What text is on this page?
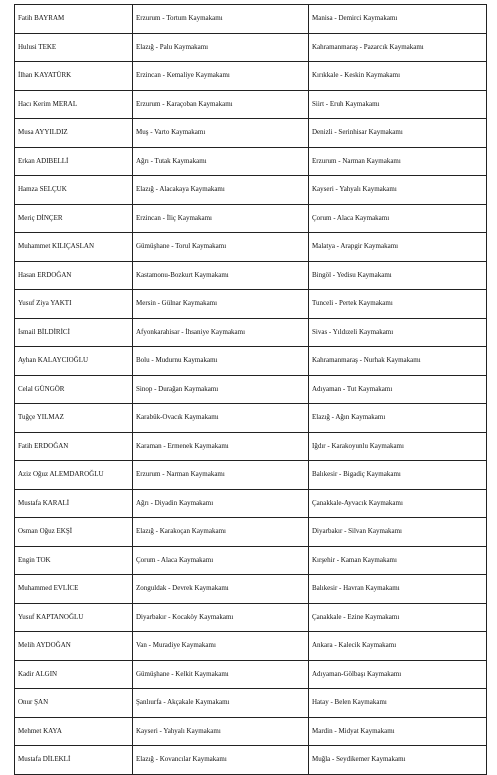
Fatih BAYRAM	Erzurum - Tortum Kaymakamı	Manisa - Demirci Kaymakamı
Hulusi TEKE	Elazığ - Palu Kaymakamı	Kahramanmaraş - Pazarcık Kaymakamı
İlhan KAYATÜRK	Erzincan - Kemaliye Kaymakamı	Kırıkkale - Keskin Kaymakamı
Hacı Kerim MERAL	Erzurum - Karaçoban Kaymakamı	Siirt - Eruh Kaymakamı
Musa AYYILDIZ	Muş - Varto Kaymakamı	Denizli - Serinhisar Kaymakamı
Erkan ADIBELLİ	Ağrı - Tutak Kaymakamı	Erzurum - Narman Kaymakamı
Hamza SELÇUK	Elazığ - Alacakaya Kaymakamı	Kayseri - Yahyalı Kaymakamı
Meriç DİNÇER	Erzincan - İliç Kaymakamı	Çorum - Alaca Kaymakamı
Muhammet KILIÇASLAN	Gümüşhane - Torul Kaymakamı	Malatya - Arapgir Kaymakamı
Hasan ERDOĞAN	Kastamonu-Bozkurt Kaymakamı	Bingöl - Yedisu Kaymakamı
Yusuf Ziya YAKTI	Mersin - Gülnar Kaymakamı	Tunceli - Pertek Kaymakamı
İsmail BİLDİRİCİ	Afyonkarahisar - İhsaniye Kaymakamı	Sivas - Yıldızeli Kaymakamı
Ayhan KALAYCIOĞLU	Bolu - Mudurnu Kaymakamı	Kahramanmaraş - Nurhak Kaymakamı
Celal GÜNGÖR	Sinop - Durağan Kaymakamı	Adıyaman - Tut Kaymakamı
Tuğçe YILMAZ	Karabük-Ovacık Kaymakamı	Elazığ - Ağın Kaymakamı
Fatih ERDOĞAN	Karaman - Ermenek Kaymakamı	Iğdır - Karakoyunlu Kaymakamı
Aziz Oğuz ALEMDAROĞLU	Erzurum - Narman Kaymakamı	Balıkesir - Bigadiç Kaymakamı
Mustafa KARALİ	Ağrı - Diyadin Kaymakamı	Çanakkale-Ayvacık Kaymakamı
Osman Oğuz EKŞİ	Elazığ - Karakoçan Kaymakamı	Diyarbakır - Silvan Kaymakamı
Engin TOK	Çorum - Alaca Kaymakamı	Kırşehir - Kaman Kaymakamı
Muhammed EVLİCE	Zonguldak - Devrek Kaymakamı	Balıkesir - Havran Kaymakamı
Yusuf KAPTANOĞLU	Diyarbakır - Kocaköy Kaymakamı	Çanakkale - Ezine Kaymakamı
Melih AYDOĞAN	Van - Muradiye Kaymakamı	Ankara - Kalecik Kaymakamı
Kadir ALGIN	Gümüşhane - Kelkit Kaymakamı	Adıyaman-Gölbaşı Kaymakamı
Onur ŞAN	Şanlıurfa - Akçakale Kaymakamı	Hatay - Belen Kaymakamı
Mehmet KAYA	Kayseri - Yahyalı Kaymakamı	Mardin - Midyat Kaymakamı
Mustafa DİLEKLİ	Elazığ - Kovancılar Kaymakamı	Muğla - Seydikemer Kaymakamı
